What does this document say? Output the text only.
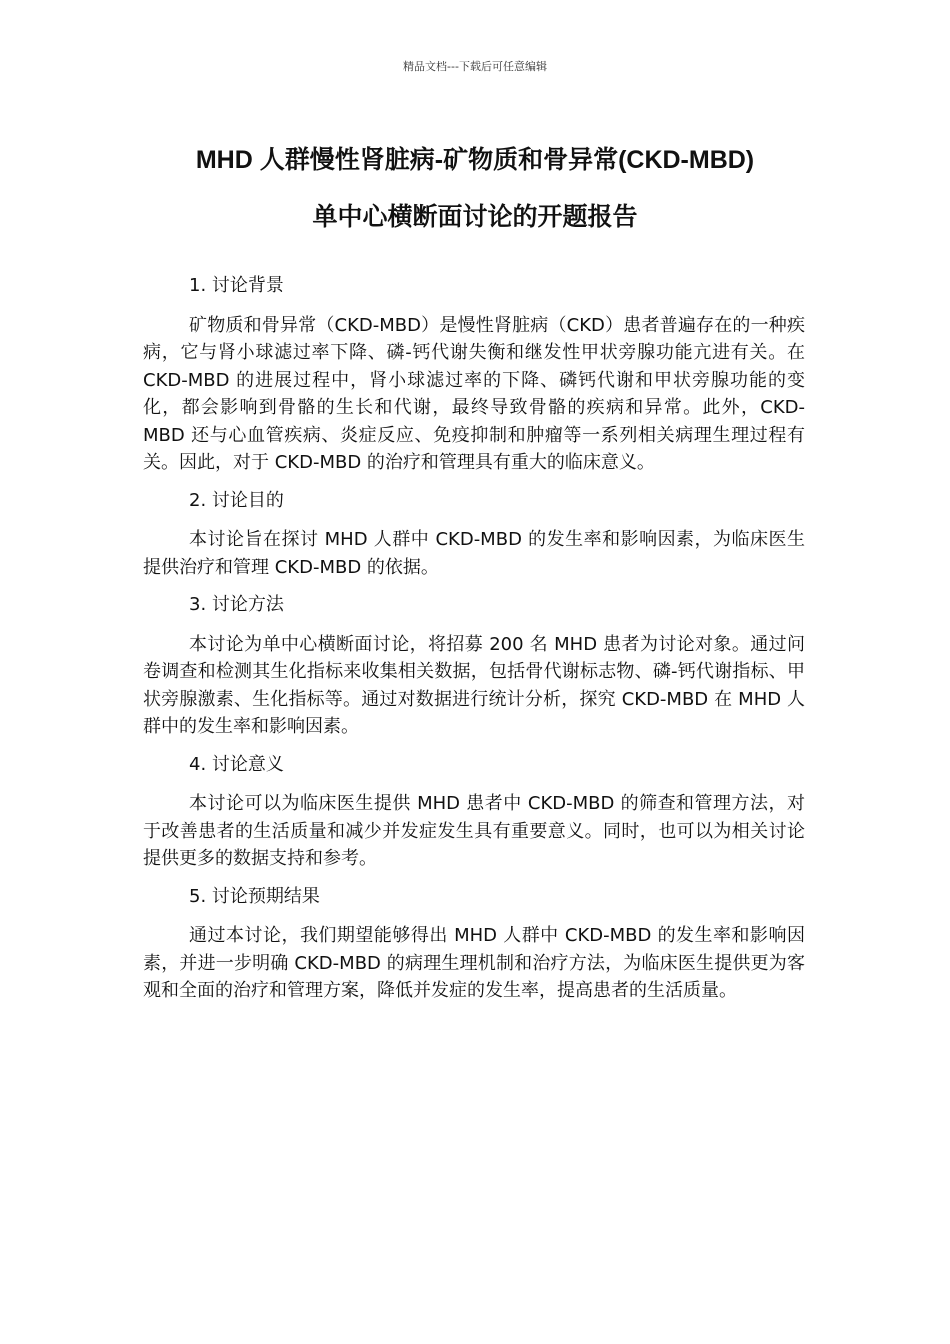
精品文档---下载后可任意编辑
MHD 人群慢性肾脏病-矿物质和骨异常(CKD-MBD)
单中心横断面讨论的开题报告
1. 讨论背景
矿物质和骨异常（CKD-MBD）是慢性肾脏病（CKD）患者普遍存在的一种疾病，它与肾小球滤过率下降、磷-钙代谢失衡和继发性甲状旁腺功能亢进有关。在 CKD-MBD 的进展过程中，肾小球滤过率的下降、磷钙代谢和甲状旁腺功能的变化，都会影响到骨骼的生长和代谢，最终导致骨骼的疾病和异常。此外，CKD-MBD 还与心血管疾病、炎症反应、免疫抑制和肿瘤等一系列相关病理生理过程有关。因此，对于 CKD-MBD 的治疗和管理具有重大的临床意义。
2. 讨论目的
本讨论旨在探讨 MHD 人群中 CKD-MBD 的发生率和影响因素，为临床医生提供治疗和管理 CKD-MBD 的依据。
3. 讨论方法
本讨论为单中心横断面讨论，将招募 200 名 MHD 患者为讨论对象。通过问卷调查和检测其生化指标来收集相关数据，包括骨代谢标志物、磷-钙代谢指标、甲状旁腺激素、生化指标等。通过对数据进行统计分析，探究 CKD-MBD 在 MHD 人群中的发生率和影响因素。
4. 讨论意义
本讨论可以为临床医生提供 MHD 患者中 CKD-MBD 的筛查和管理方法，对于改善患者的生活质量和减少并发症发生具有重要意义。同时，也可以为相关讨论提供更多的数据支持和参考。
5. 讨论预期结果
通过本讨论，我们期望能够得出 MHD 人群中 CKD-MBD 的发生率和影响因素，并进一步明确 CKD-MBD 的病理生理机制和治疗方法，为临床医生提供更为客观和全面的治疗和管理方案，降低并发症的发生率，提高患者的生活质量。
